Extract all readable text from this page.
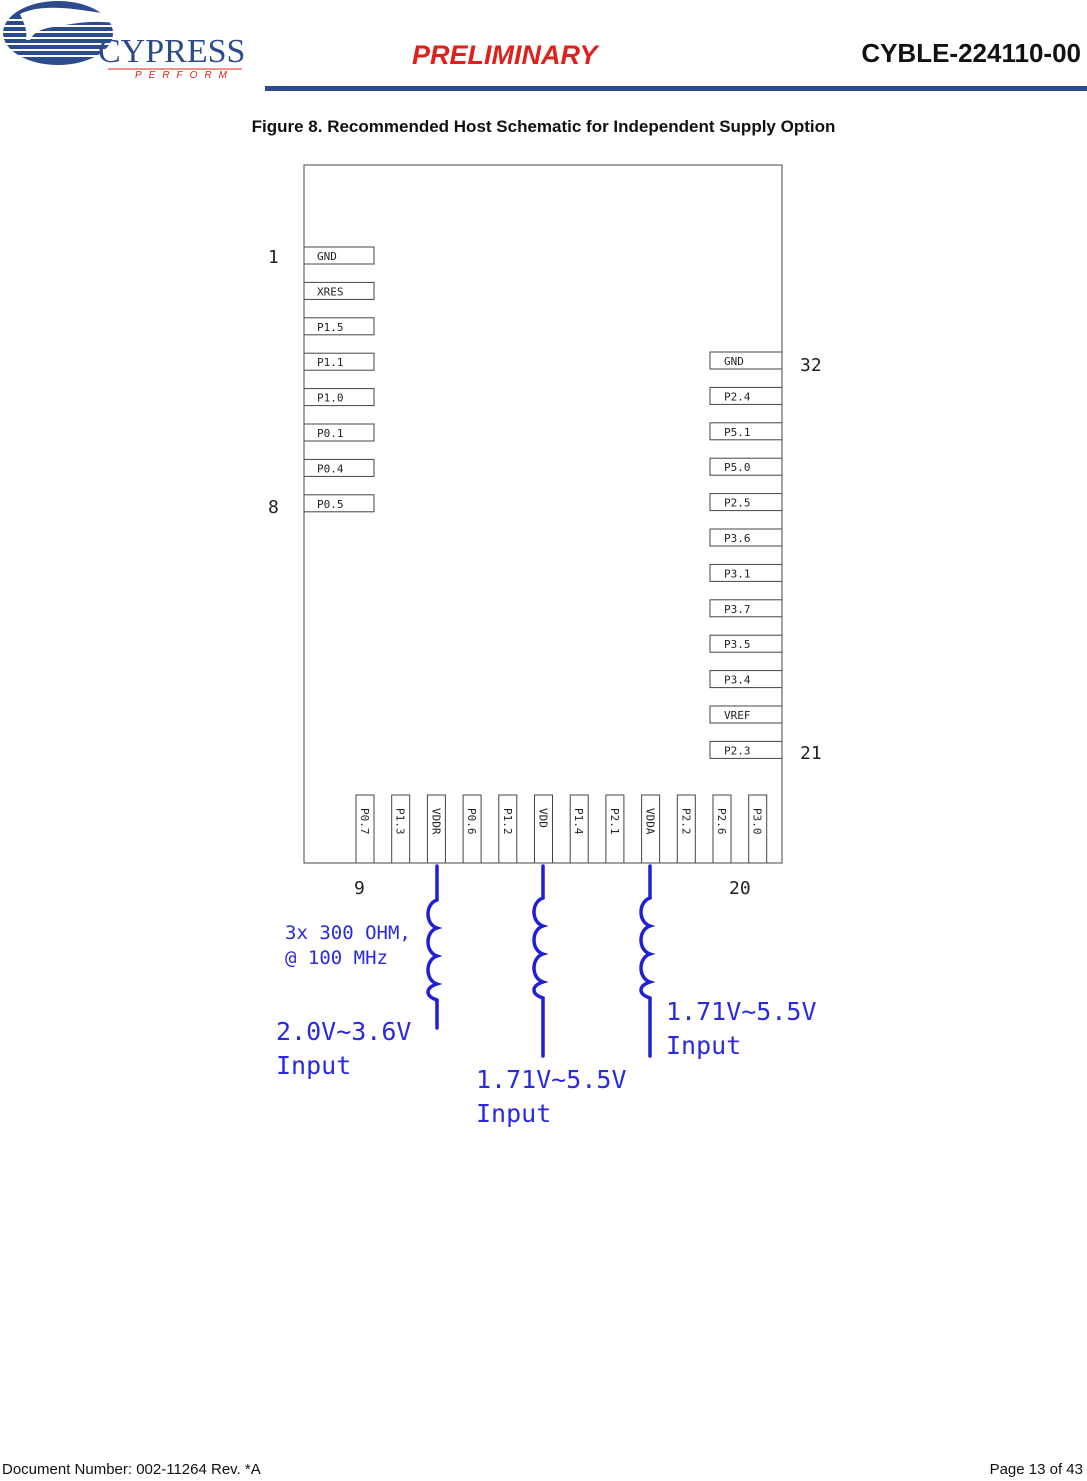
CYPRESS
PERFORM
PRELIMINARY	CYBLE-224110-00
Figure 8. Recommended Host Schematic for Independent Supply Option
GND
XRES
P1.5
P1.1
P1.0
P0.1
P0.4
P0.5
GND
P2.4
P5.1
P5.0
P2.5
P3.6
P3.1
P3.7
P3.5
P3.4
VREF
P2.3
P0.7 P1.3 VDDR P0.6 P1.2 VDD P1.4 P2.1 VDDA P2.2 P2.6 P3.0
1
8
32
21
9	20
3x 300 OHM,
@ 100 MHz
2.0V~3.6V
Input	1.71V~5.5V
Input
1.71V~5.5V
Input
Document Number: 002-11264 Rev. *A	Page 13 of 43
